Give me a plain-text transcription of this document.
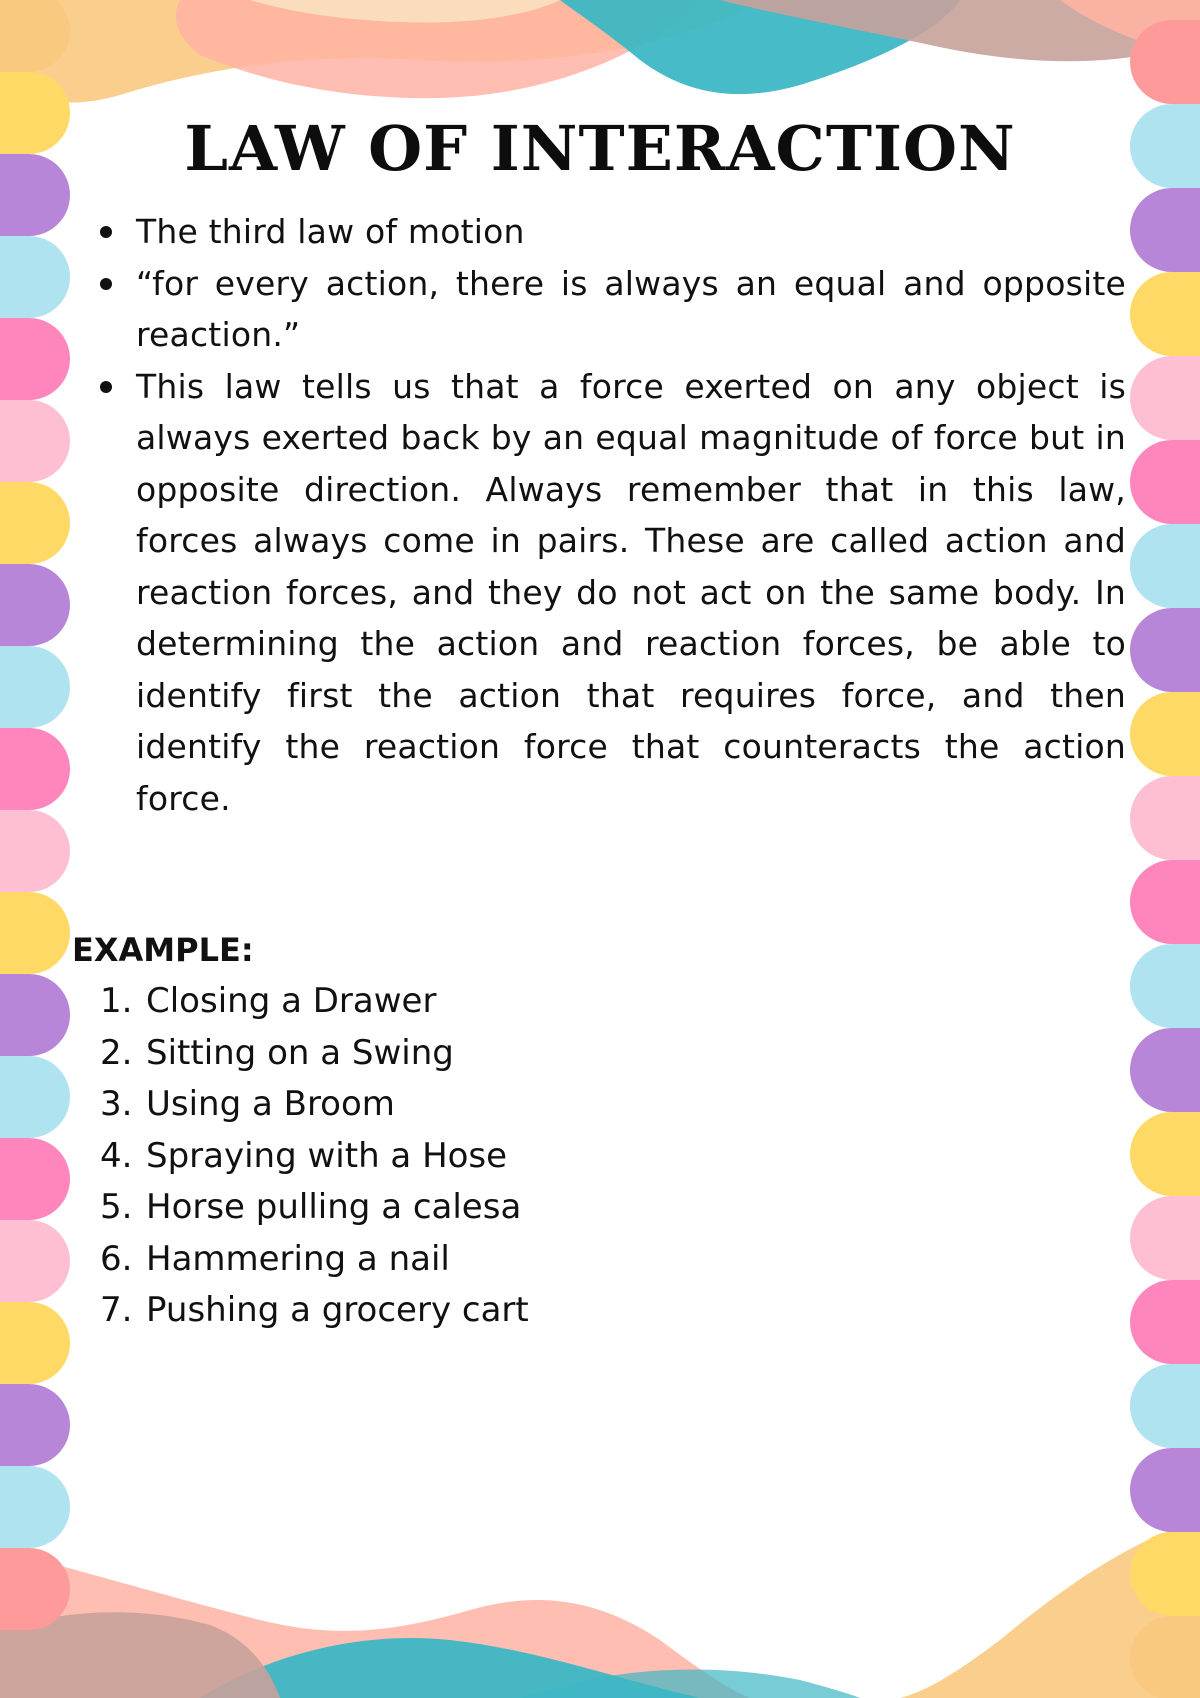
LAW OF INTERACTION
The third law of motion
“for every action, there is always an equal and opposite reaction.”
This law tells us that a force exerted on any object is always exerted back by an equal magnitude of force but in opposite direction. Always remember that in this law, forces always come in pairs. These are called action and reaction forces, and they do not act on the same body. In determining the action and reaction forces, be able to identify first the action that requires force, and then identify the reaction force that counteracts the action force.
EXAMPLE:
1. Closing a Drawer
2. Sitting on a Swing
3. Using a Broom
4. Spraying with a Hose
5. Horse pulling a calesa
6. Hammering a nail
7. Pushing a grocery cart
